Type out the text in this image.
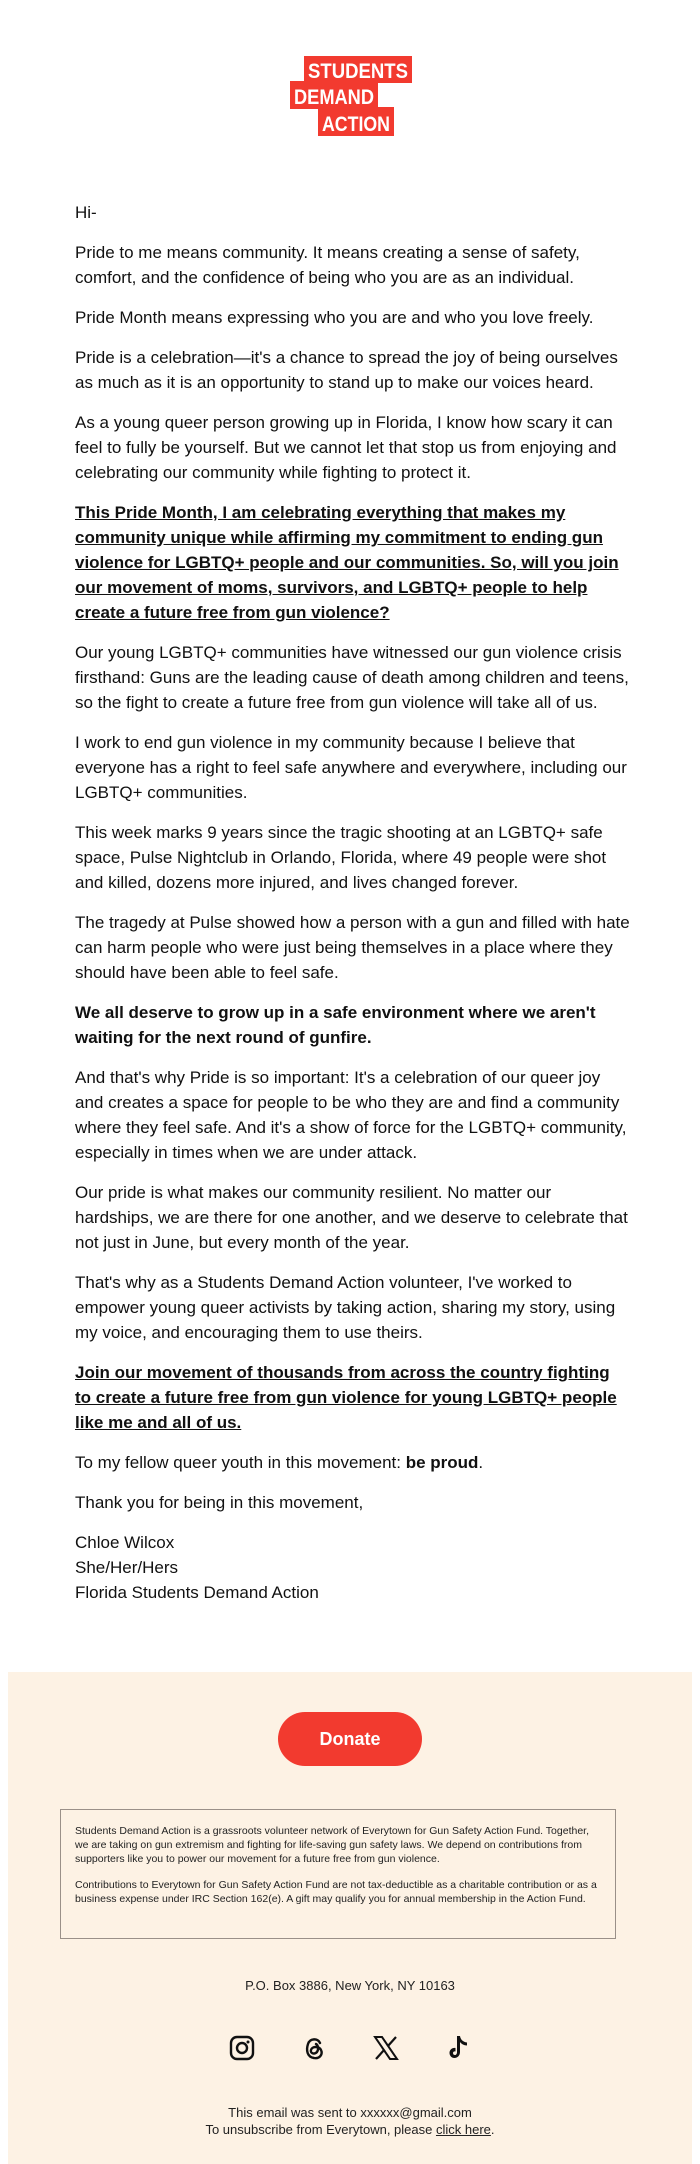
STUDENTS
DEMAND
ACTION

Hi-

Pride to me means community. It means creating a sense of safety, comfort, and the confidence of being who you are as an individual.

Pride Month means expressing who you are and who you love freely.

Pride is a celebration—it's a chance to spread the joy of being ourselves as much as it is an opportunity to stand up to make our voices heard.

As a young queer person growing up in Florida, I know how scary it can feel to fully be yourself. But we cannot let that stop us from enjoying and celebrating our community while fighting to protect it.

This Pride Month, I am celebrating everything that makes my community unique while affirming my commitment to ending gun violence for LGBTQ+ people and our communities. So, will you join our movement of moms, survivors, and LGBTQ+ people to help create a future free from gun violence?

Our young LGBTQ+ communities have witnessed our gun violence crisis firsthand: Guns are the leading cause of death among children and teens, so the fight to create a future free from gun violence will take all of us.

I work to end gun violence in my community because I believe that everyone has a right to feel safe anywhere and everywhere, including our LGBTQ+ communities.

This week marks 9 years since the tragic shooting at an LGBTQ+ safe space, Pulse Nightclub in Orlando, Florida, where 49 people were shot and killed, dozens more injured, and lives changed forever.

The tragedy at Pulse showed how a person with a gun and filled with hate can harm people who were just being themselves in a place where they should have been able to feel safe.

We all deserve to grow up in a safe environment where we aren't waiting for the next round of gunfire.

And that's why Pride is so important: It's a celebration of our queer joy and creates a space for people to be who they are and find a community where they feel safe. And it's a show of force for the LGBTQ+ community, especially in times when we are under attack.

Our pride is what makes our community resilient. No matter our hardships, we are there for one another, and we deserve to celebrate that not just in June, but every month of the year.

That's why as a Students Demand Action volunteer, I've worked to empower young queer activists by taking action, sharing my story, using my voice, and encouraging them to use theirs.

Join our movement of thousands from across the country fighting to create a future free from gun violence for young LGBTQ+ people like me and all of us.

To my fellow queer youth in this movement: be proud.

Thank you for being in this movement,

Chloe Wilcox

She/Her/Hers

Florida Students Demand Action

Donate

Students Demand Action is a grassroots volunteer network of Everytown for Gun Safety Action Fund. Together, we are taking on gun extremism and fighting for life-saving gun safety laws. We depend on contributions from supporters like you to power our movement for a future free from gun violence.

Contributions to Everytown for Gun Safety Action Fund are not tax-deductible as a charitable contribution or as a business expense under IRC Section 162(e). A gift may qualify you for annual membership in the Action Fund.

P.O. Box 3886, New York, NY 10163
This email was sent to xxxxxx@gmail.com
To unsubscribe from Everytown, please click here.
